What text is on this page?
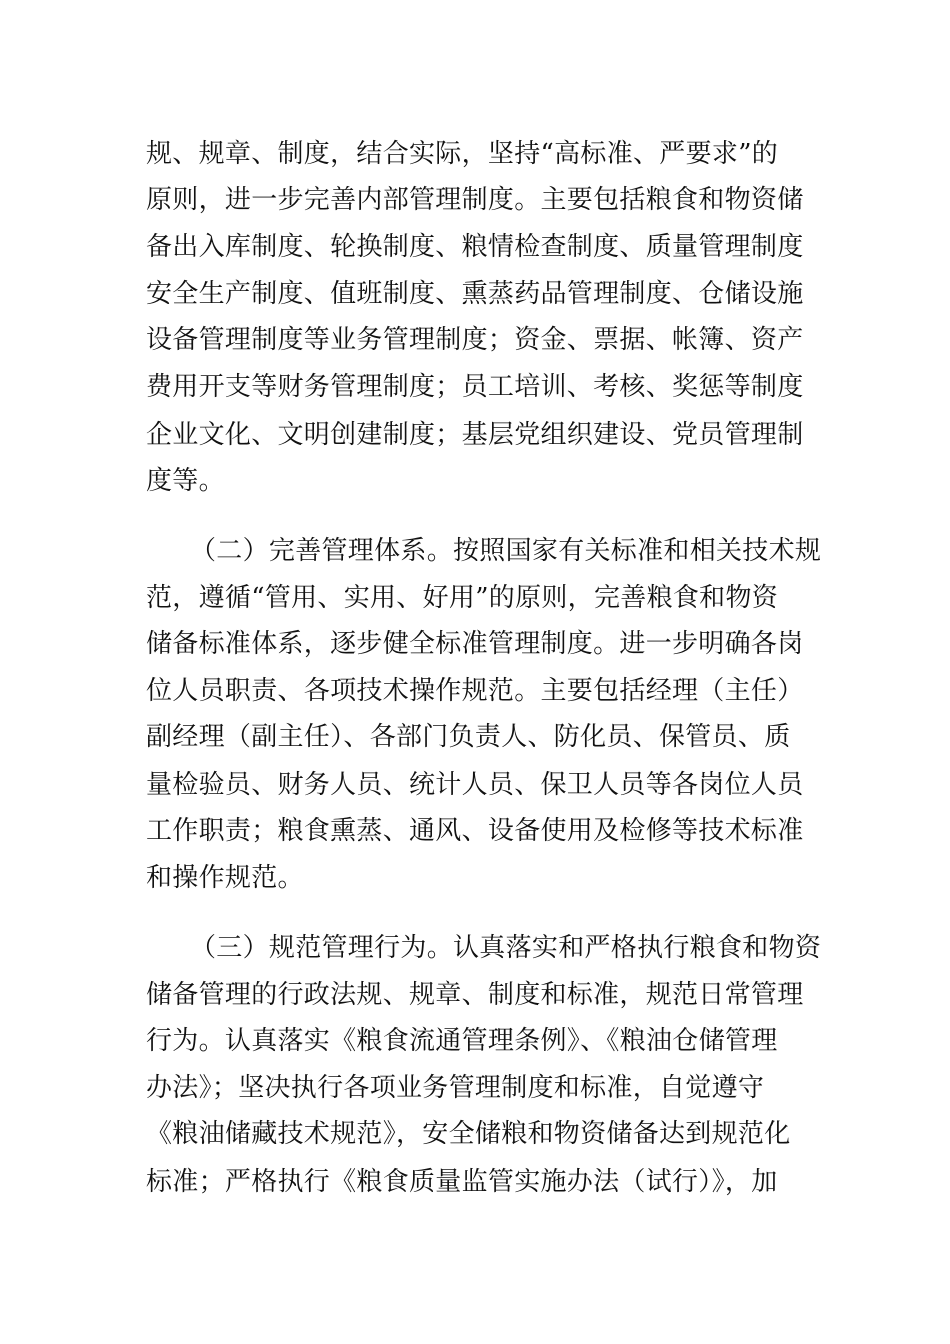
规、规章、制度，结合实际，坚持“高标准、严要求”的
原则，进一步完善内部管理制度。主要包括粮食和物资储
备出入库制度、轮换制度、粮情检查制度、质量管理制度
安全生产制度、值班制度、熏蒸药品管理制度、仓储设施
设备管理制度等业务管理制度；资金、票据、帐簿、资产
费用开支等财务管理制度；员工培训、考核、奖惩等制度
企业文化、文明创建制度；基层党组织建设、党员管理制
度等。
（二）完善管理体系。按照国家有关标准和相关技术规
范，遵循“管用、实用、好用”的原则，完善粮食和物资
储备标准体系，逐步健全标准管理制度。进一步明确各岗
位人员职责、各项技术操作规范。主要包括经理（主任）
副经理（副主任）、各部门负责人、防化员、保管员、质
量检验员、财务人员、统计人员、保卫人员等各岗位人员
工作职责；粮食熏蒸、通风、设备使用及检修等技术标准
和操作规范。
（三）规范管理行为。认真落实和严格执行粮食和物资
储备管理的行政法规、规章、制度和标准，规范日常管理
行为。认真落实《粮食流通管理条例》、《粮油仓储管理
办法》；坚决执行各项业务管理制度和标准，自觉遵守
《粮油储藏技术规范》，安全储粮和物资储备达到规范化
标准；严格执行《粮食质量监管实施办法（试行）》，加
